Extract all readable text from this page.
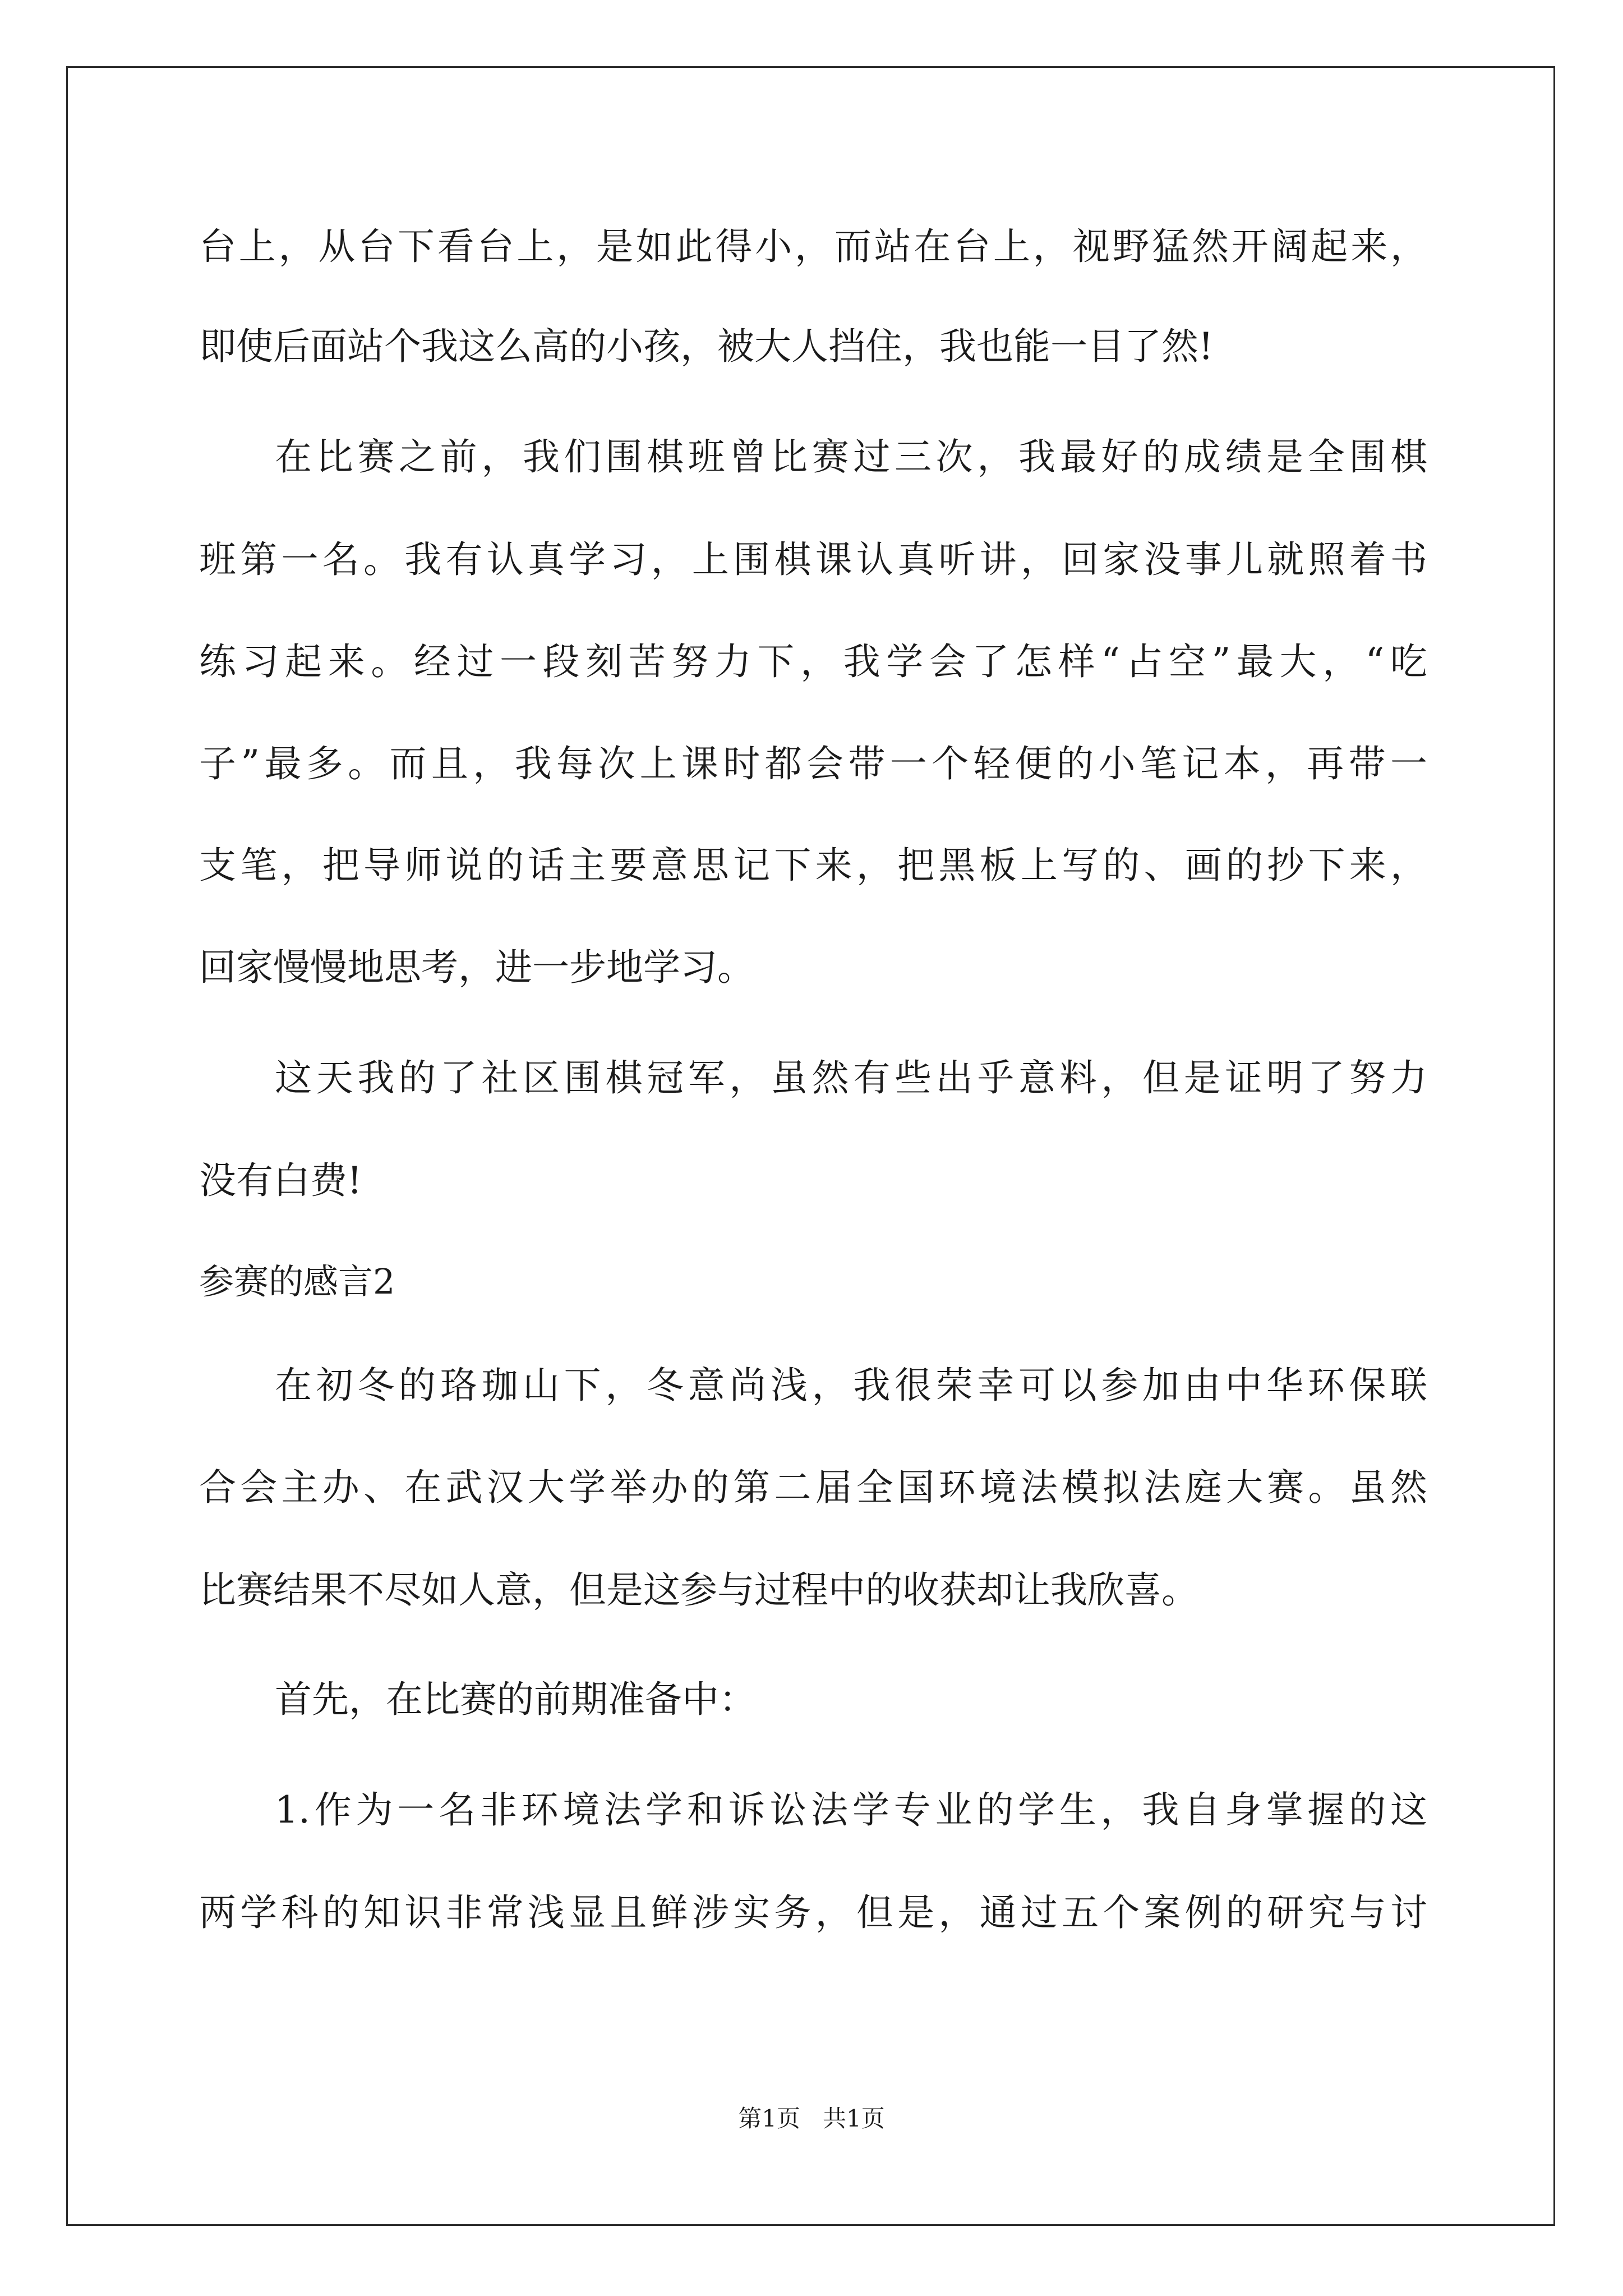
台上，从台下看台上，是如此得小，而站在台上，视野猛然开阔起来，
即使后面站个我这么高的小孩，被大人挡住，我也能一目了然!
在比赛之前，我们围棋班曾比赛过三次，我最好的成绩是全围棋
班第一名。我有认真学习，上围棋课认真听讲，回家没事儿就照着书
练习起来。经过一段刻苦努力下，我学会了怎样“占空”最大，“吃
子”最多。而且，我每次上课时都会带一个轻便的小笔记本，再带一
支笔，把导师说的话主要意思记下来，把黑板上写的、画的抄下来，
回家慢慢地思考，进一步地学习。
这天我的了社区围棋冠军，虽然有些出乎意料，但是证明了努力
没有白费!
参赛的感言2
在初冬的珞珈山下，冬意尚浅，我很荣幸可以参加由中华环保联
合会主办、在武汉大学举办的第二届全国环境法模拟法庭大赛。虽然
比赛结果不尽如人意，但是这参与过程中的收获却让我欣喜。
首先，在比赛的前期准备中：
1.作为一名非环境法学和诉讼法学专业的学生，我自身掌握的这
两学科的知识非常浅显且鲜涉实务，但是，通过五个案例的研究与讨
第1页 共1页
